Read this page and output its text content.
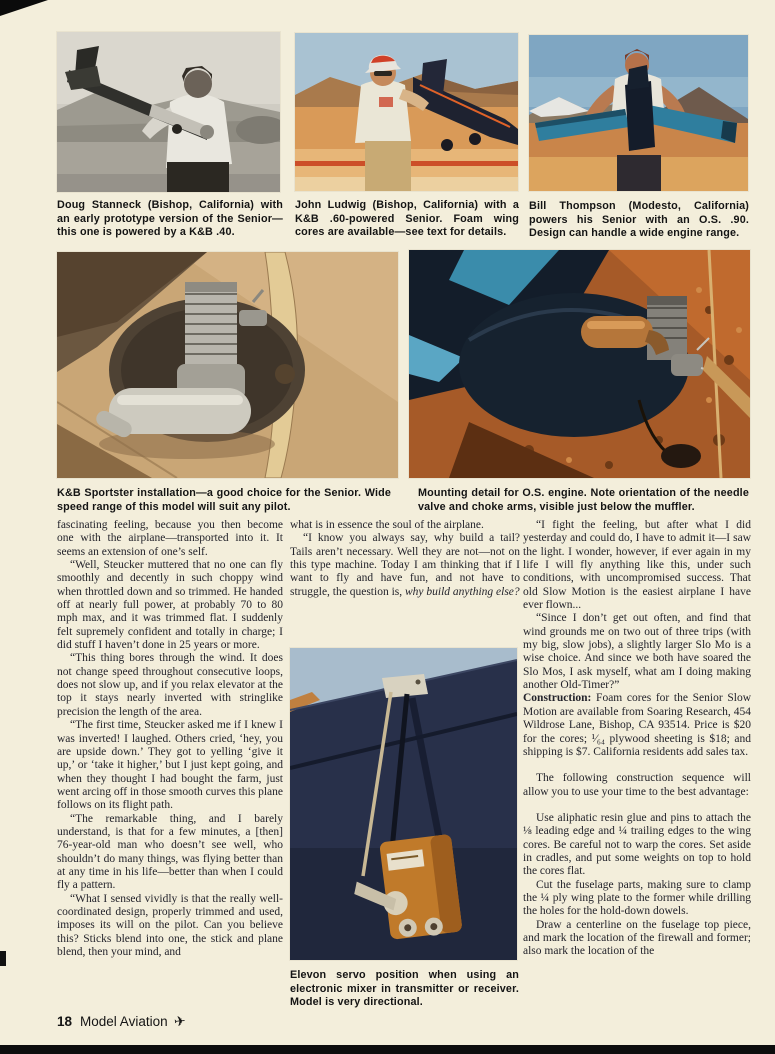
Doug Stanneck (Bishop, California) with an early prototype version of the Senior—this one is powered by a K&B .40.
John Ludwig (Bishop, California) with a K&B .60-powered Senior. Foam wing cores are available—see text for details.
Bill Thompson (Modesto, California) powers his Senior with an O.S. .90. Design can handle a wide engine range.
K&B Sportster installation—a good choice for the Senior. Wide speed range of this model will suit any pilot.
Mounting detail for O.S. engine. Note orientation of the needle valve and choke arms, visible just below the muffler.

fascinating feeling, because you then become one with the airplane—transported into it. It seems an extension of one’s self.

“Well, Steucker muttered that no one can fly smoothly and decently in such choppy wind when throttled down and so trimmed. He handed off at nearly full power, at probably 70 to 80 mph max, and it was trimmed flat. I suddenly felt supremely confident and totally in charge; I did stuff I haven’t done in 25 years or more.

“This thing bores through the wind. It does not change speed throughout consecutive loops, does not slow up, and if you relax elevator at the top it stays nearly inverted with stringlike precision the length of the area.

“The first time, Steucker asked me if I knew I was inverted! I laughed. Others cried, ‘hey, you are upside down.’ They got to yelling ‘give it up,’ or ‘take it higher,’ but I just kept going, and when they thought I had bought the farm, just went arcing off in those smooth curves this plane follows on its flight path.

“The remarkable thing, and I barely understand, is that for a few minutes, a [then] 76-year-old man who doesn’t see well, who shouldn’t do many things, was flying better than at any time in his life—better than when I could fly a pattern.

“What I sensed vividly is that the really well-coordinated design, properly trimmed and used, imposes its will on the pilot. Can you believe this? Sticks blend into one, the stick and plane blend, then your mind, and

what is in essence the soul of the airplane.

“I know you always say, why build a tail? Tails aren’t necessary. Well they are not—not on this type machine. Today I am thinking that if I want to fly and have fun, and not have to struggle, the question is, why build anything else?

Elevon servo position when using an electronic mixer in transmitter or receiver. Model is very directional.

“I fight the feeling, but after what I did yesterday and could do, I have to admit it—I saw the light. I wonder, however, if ever again in my life I will fly anything like this, under such conditions, with uncompromised success. That old Slow Motion is the easiest airplane I have ever flown...

“Since I don’t get out often, and find that wind grounds me on two out of three trips (with my big, slow jobs), a slightly larger Slo Mo is a wise choice. And since we both have soared the Slo Mos, I ask myself, what am I doing making another Old-Timer?”

Construction: Foam cores for the Senior Slow Motion are available from Soaring Research, 454 Wildrose Lane, Bishop, CA 93514. Price is $20 for the cores; ¹⁄₆₄ plywood sheeting is $18; and shipping is $7. California residents add sales tax.

The following construction sequence will allow you to use your time to the best advantage:

Use aliphatic resin glue and pins to attach the ⅛ leading edge and ¼ trailing edges to the wing cores. Be careful not to warp the cores. Set aside in cradles, and put some weights on top to hold the cores flat.

Cut the fuselage parts, making sure to clamp the ¼ ply wing plate to the former while drilling the holes for the hold-down dowels.

Draw a centerline on the fuselage top piece, and mark the location of the firewall and former; also mark the location of the

18 Model Aviation ✈
